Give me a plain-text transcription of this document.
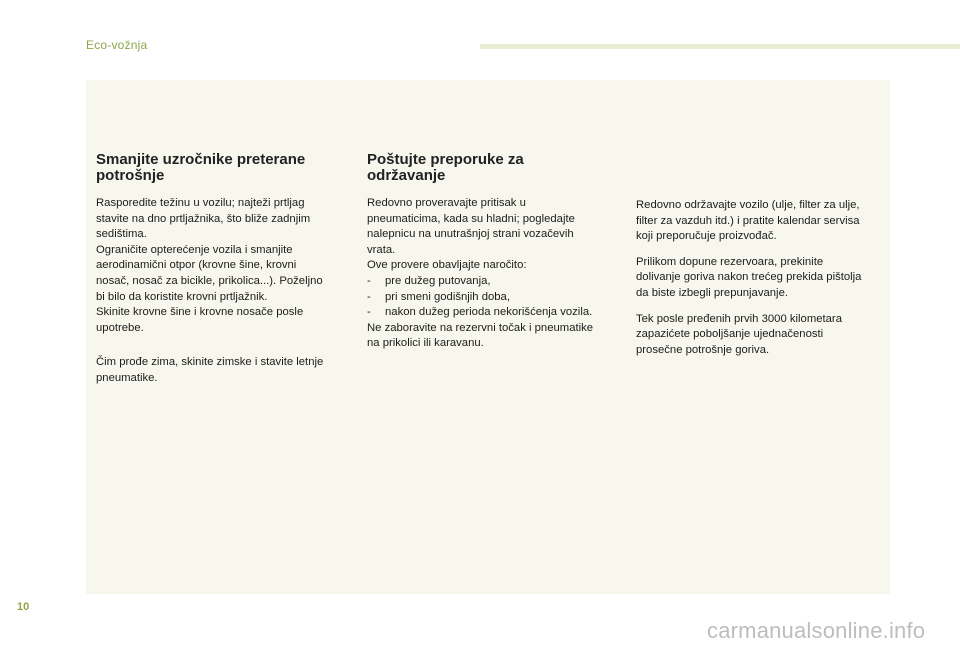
Eco-vožnja
Smanjite uzročnike preterane
potrošnje

Rasporedite težinu u vozilu; najteži prtljag
stavite na dno prtljažnika, što bliže zadnjim
sedištima.
Ograničite opterećenje vozila i smanjite
aerodinamični otpor (krovne šine, krovni
nosač, nosač za bicikle, prikolica...). Poželjno
bi bilo da koristite krovni prtljažnik.
Skinite krovne šine i krovne nosače posle
upotrebe.

Čim prođe zima, skinite zimske i stavite letnje
pneumatike.

Poštujte preporuke za
održavanje

Redovno proveravajte pritisak u
pneumaticima, kada su hladni; pogledajte
nalepnicu na unutrašnjoj strani vozačevih
vrata.
Ove provere obavljajte naročito:

-	pre dužeg putovanja,
-	pri smeni godišnjih doba,
-	nakon dužeg perioda nekorišćenja vozila.

Ne zaboravite na rezervni točak i pneumatike
na prikolici ili karavanu.

Redovno održavajte vozilo (ulje, filter za ulje,
filter za vazduh itd.) i pratite kalendar servisa
koji preporučuje proizvođač.

Prilikom dopune rezervoara, prekinite
dolivanje goriva nakon trećeg prekida pištolja
da biste izbegli prepunjavanje.

Tek posle pređenih prvih 3000 kilometara
zapazićete poboljšanje ujednačenosti
prosečne potrošnje goriva.

10
carmanualsonline.info
